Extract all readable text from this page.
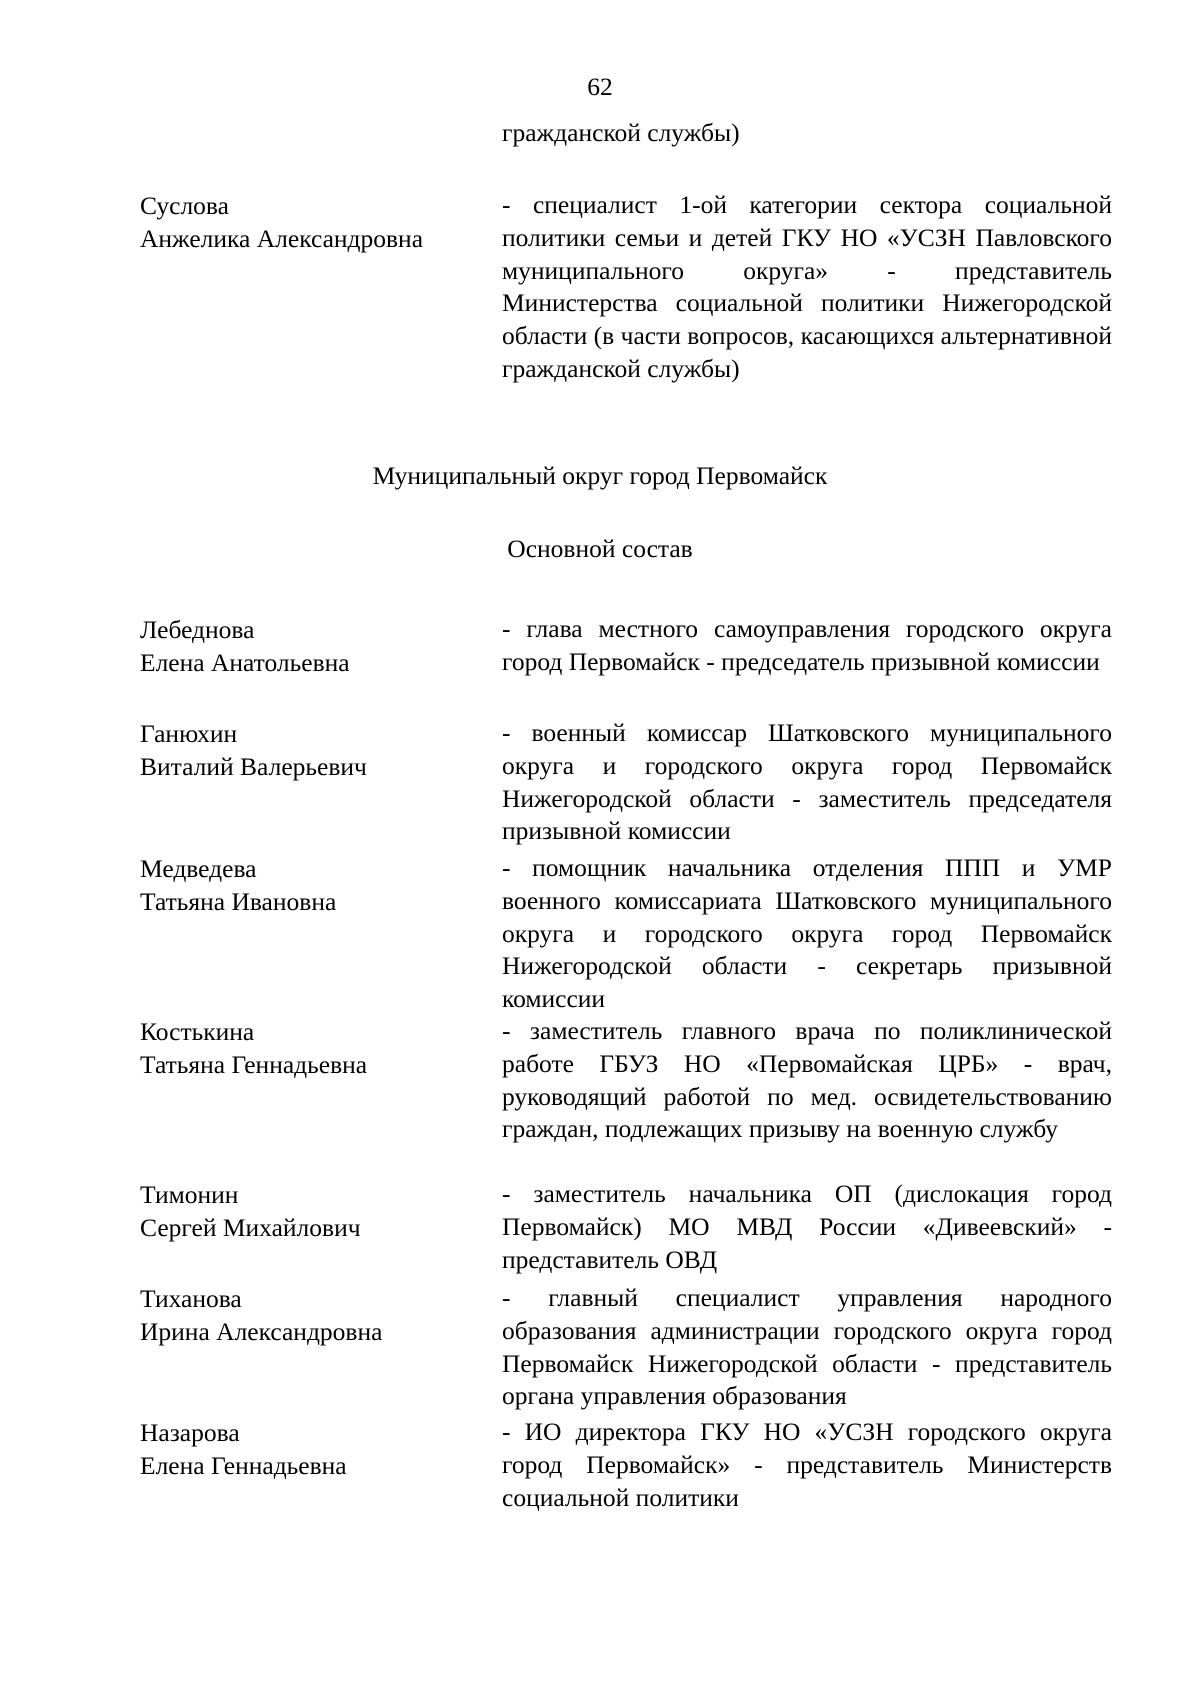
62
гражданской службы)
Суслова
Анжелика Александровна
- специалист 1-ой категории сектора социальной политики семьи и детей ГКУ НО «УСЗН Павловского муниципального округа» - представитель Министерства социальной политики Нижегородской области (в части вопросов, касающихся альтернативной гражданской службы)
Муниципальный округ город Первомайск
Основной состав
Лебеднова
Елена Анатольевна
- глава местного самоуправления городского округа город Первомайск - председатель призывной комиссии
Ганюхин
Виталий Валерьевич
- военный комиссар Шатковского муниципального округа и городского округа город Первомайск Нижегородской области - заместитель председателя призывной комиссии
Медведева
Татьяна Ивановна
- помощник начальника отделения ППП и УМР военного комиссариата Шатковского муниципального округа и городского округа город Первомайск Нижегородской области - секретарь призывной комиссии
Костькина
Татьяна Геннадьевна
- заместитель главного врача по поликлинической работе ГБУЗ НО «Первомайская ЦРБ» - врач, руководящий работой по мед. освидетельствованию граждан, подлежащих призыву на военную службу
Тимонин
Сергей Михайлович
- заместитель начальника ОП (дислокация город Первомайск) МО МВД России «Дивеевский» - представитель ОВД
Тиханова
Ирина Александровна
- главный специалист управления народного образования администрации городского округа город Первомайск Нижегородской области - представитель органа управления образования
Назарова
Елена Геннадьевна
- ИО директора ГКУ НО «УСЗН городского округа город Первомайск» - представитель Министерств социальной политики
